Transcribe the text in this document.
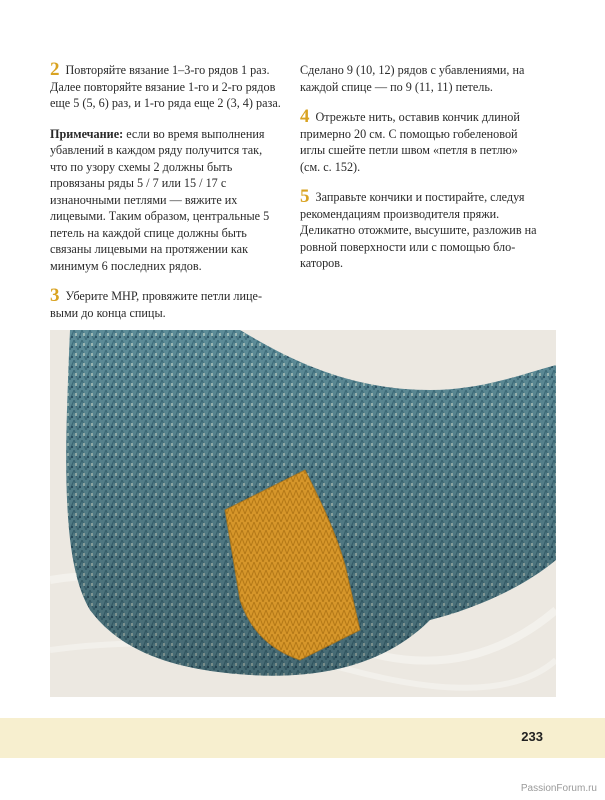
2 Повторяйте вязание 1–3-го рядов 1 раз. Далее повторяйте вязание 1-го и 2-го рядов еще 5 (5, 6) раз, и 1-го ряда еще 2 (3, 4) раза.

Примечание: если во время выполнения убавлений в каждом ряду получится так, что по узору схемы 2 должны быть провязаны ряды 5 / 7 или 15 / 17 с изнаночными петлями — вяжите их лицевыми. Таким образом, центральные 5 петель на каждой спице должны быть связаны лицевыми на протяжении как минимум 6 последних рядов.

3 Уберите МНР, провяжите петли лицевыми до конца спицы.

Сделано 9 (10, 12) рядов с убавлениями, на каждой спице — по 9 (11, 11) петель.

4 Отрежьте нить, оставив кончик длиной примерно 20 см. С помощью гобеленовой иглы сшейте петли швом «петля в петлю» (см. с. 152).

5 Заправьте кончики и постирайте, следуя рекомендациям производителя пряжи. Деликатно отожмите, высушите, разложив на ровной поверхности или с помощью блокаторов.

233
PassionForum.ru
